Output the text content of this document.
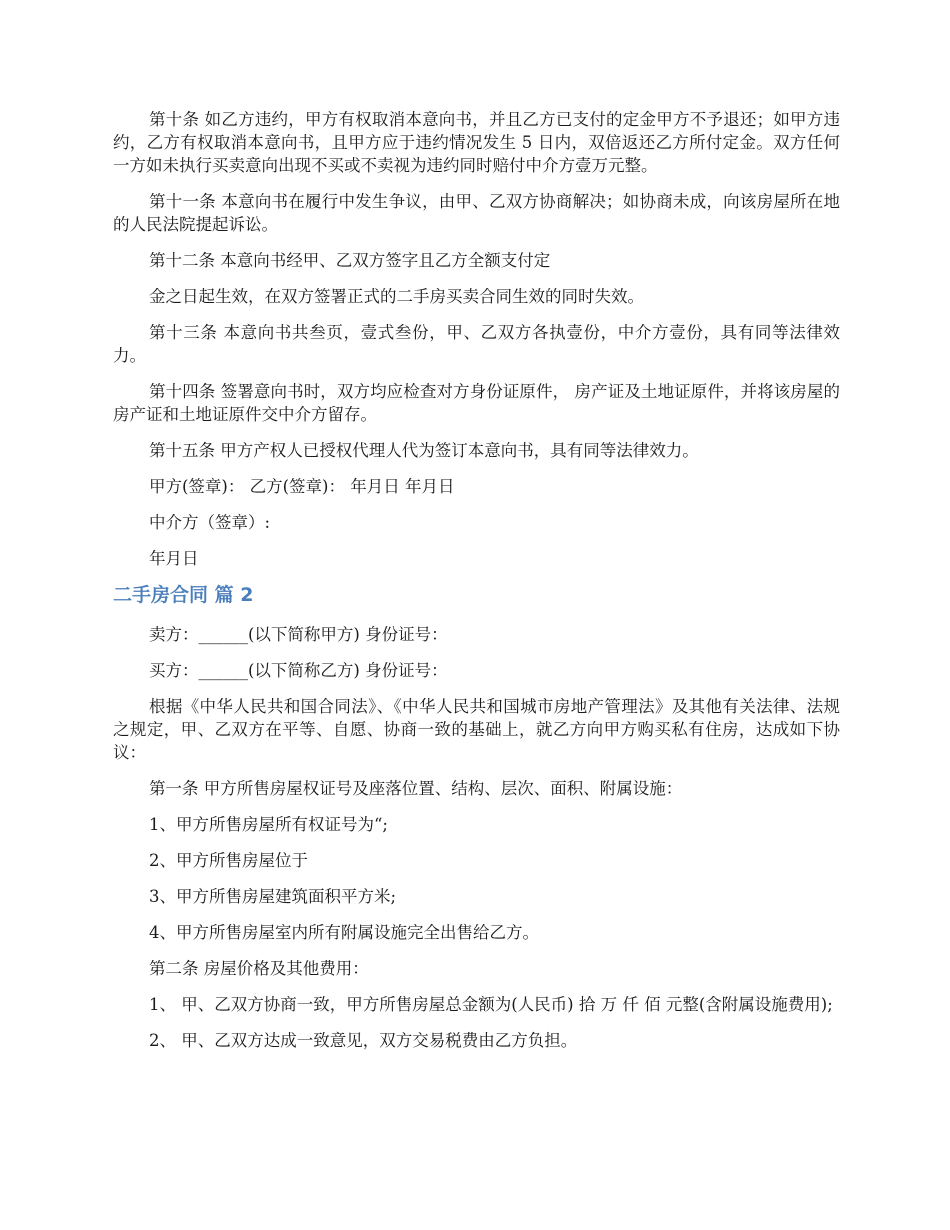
第十条 如乙方违约，甲方有权取消本意向书，并且乙方已支付的定金甲方不予退还；如甲方违约，乙方有权取消本意向书，且甲方应于违约情况发生 5 日内，双倍返还乙方所付定金。双方任何一方如未执行买卖意向出现不买或不卖视为违约同时赔付中介方壹万元整。

第十一条 本意向书在履行中发生争议，由甲、乙双方协商解决；如协商未成，向该房屋所在地的人民法院提起诉讼。

第十二条 本意向书经甲、乙双方签字且乙方全额支付定

金之日起生效，在双方签署正式的二手房买卖合同生效的同时失效。

第十三条 本意向书共叁页，壹式叁份，甲、乙双方各执壹份，中介方壹份，具有同等法律效力。

第十四条 签署意向书时，双方均应检查对方身份证原件， 房产证及土地证原件，并将该房屋的房产证和土地证原件交中介方留存。

第十五条 甲方产权人已授权代理人代为签订本意向书，具有同等法律效力。

甲方(签章)： 乙方(签章)： 年月日 年月日

中介方（签章）:

年月日

二手房合同 篇 2

卖方：______(以下简称甲方) 身份证号：

买方：______(以下简称乙方) 身份证号：

根据《中华人民共和国合同法》、《中华人民共和国城市房地产管理法》及其他有关法律、法规之规定，甲、乙双方在平等、自愿、协商一致的基础上，就乙方向甲方购买私有住房，达成如下协议：

第一条 甲方所售房屋权证号及座落位置、结构、层次、面积、附属设施：

1、甲方所售房屋所有权证号为“;

2、甲方所售房屋位于

3、甲方所售房屋建筑面积平方米;

4、甲方所售房屋室内所有附属设施完全出售给乙方。

第二条 房屋价格及其他费用：

1、 甲、乙双方协商一致，甲方所售房屋总金额为(人民币) 拾 万 仟 佰 元整(含附属设施费用);

2、 甲、乙双方达成一致意见，双方交易税费由乙方负担。
